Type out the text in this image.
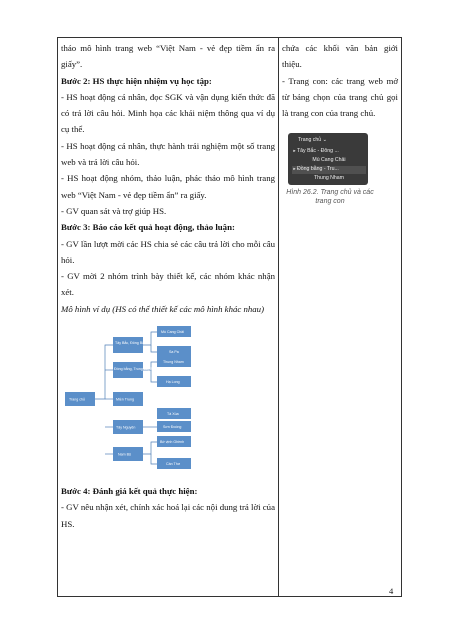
tháo mô hình trang web “Việt Nam - vẻ đẹp tiềm ẩn ra giấy”.

Bước 2: HS thực hiện nhiệm vụ học tập:

- HS hoạt động cá nhân, đọc SGK và vận dụng kiến thức đã có trả lời câu hỏi. Minh họa các khái niệm thông qua ví dụ cụ thể.

- HS hoạt động cá nhân, thực hành trải nghiệm một số trang web và trả lời câu hỏi.

- HS hoạt động nhóm, thảo luận, phác thảo mô hình trang web “Việt Nam - vẻ đẹp tiềm ẩn” ra giấy.

- GV quan sát và trợ giúp HS.

Bước 3: Báo cáo kết quả hoạt động, thảo luận:

- GV lần lượt mời các HS chia sẻ các câu trả lời cho mỗi câu hỏi.

- GV mời 2 nhóm trình bày thiết kế, các nhóm khác nhận xét.

Mô hình ví dụ (HS có thể thiết kế các mô hình khác nhau)

Trang chủ
Tây Bắc, Đông Bắc
Đồng bằng, Trung du, Bắc bộ
Miền Trung
Tây Nguyên
Nam Bộ
Mù Cang Chải
Sa Pa
Thung Nham
Hạ Long
Sơn Đoòng
Tà Xùa
Bờ vịnh Ghềnh
Cần Thơ

Bước 4: Đánh giá kết quả thực hiện:

- GV nêu nhận xét, chính xác hoá lại các nội dung trả lời của HS.

chứa các khối văn bản giới thiệu.

- Trang con: các trang web mở từ bảng chọn của trang chủ gọi là trang con của trang chủ.

Trang chủ ⌄
▸Tây Bắc - Đông ...
Mù Cang Chải
▸Đồng bằng - Tru...
Thung Nham

Hình 26.2. Trang chủ và các trang con

4
